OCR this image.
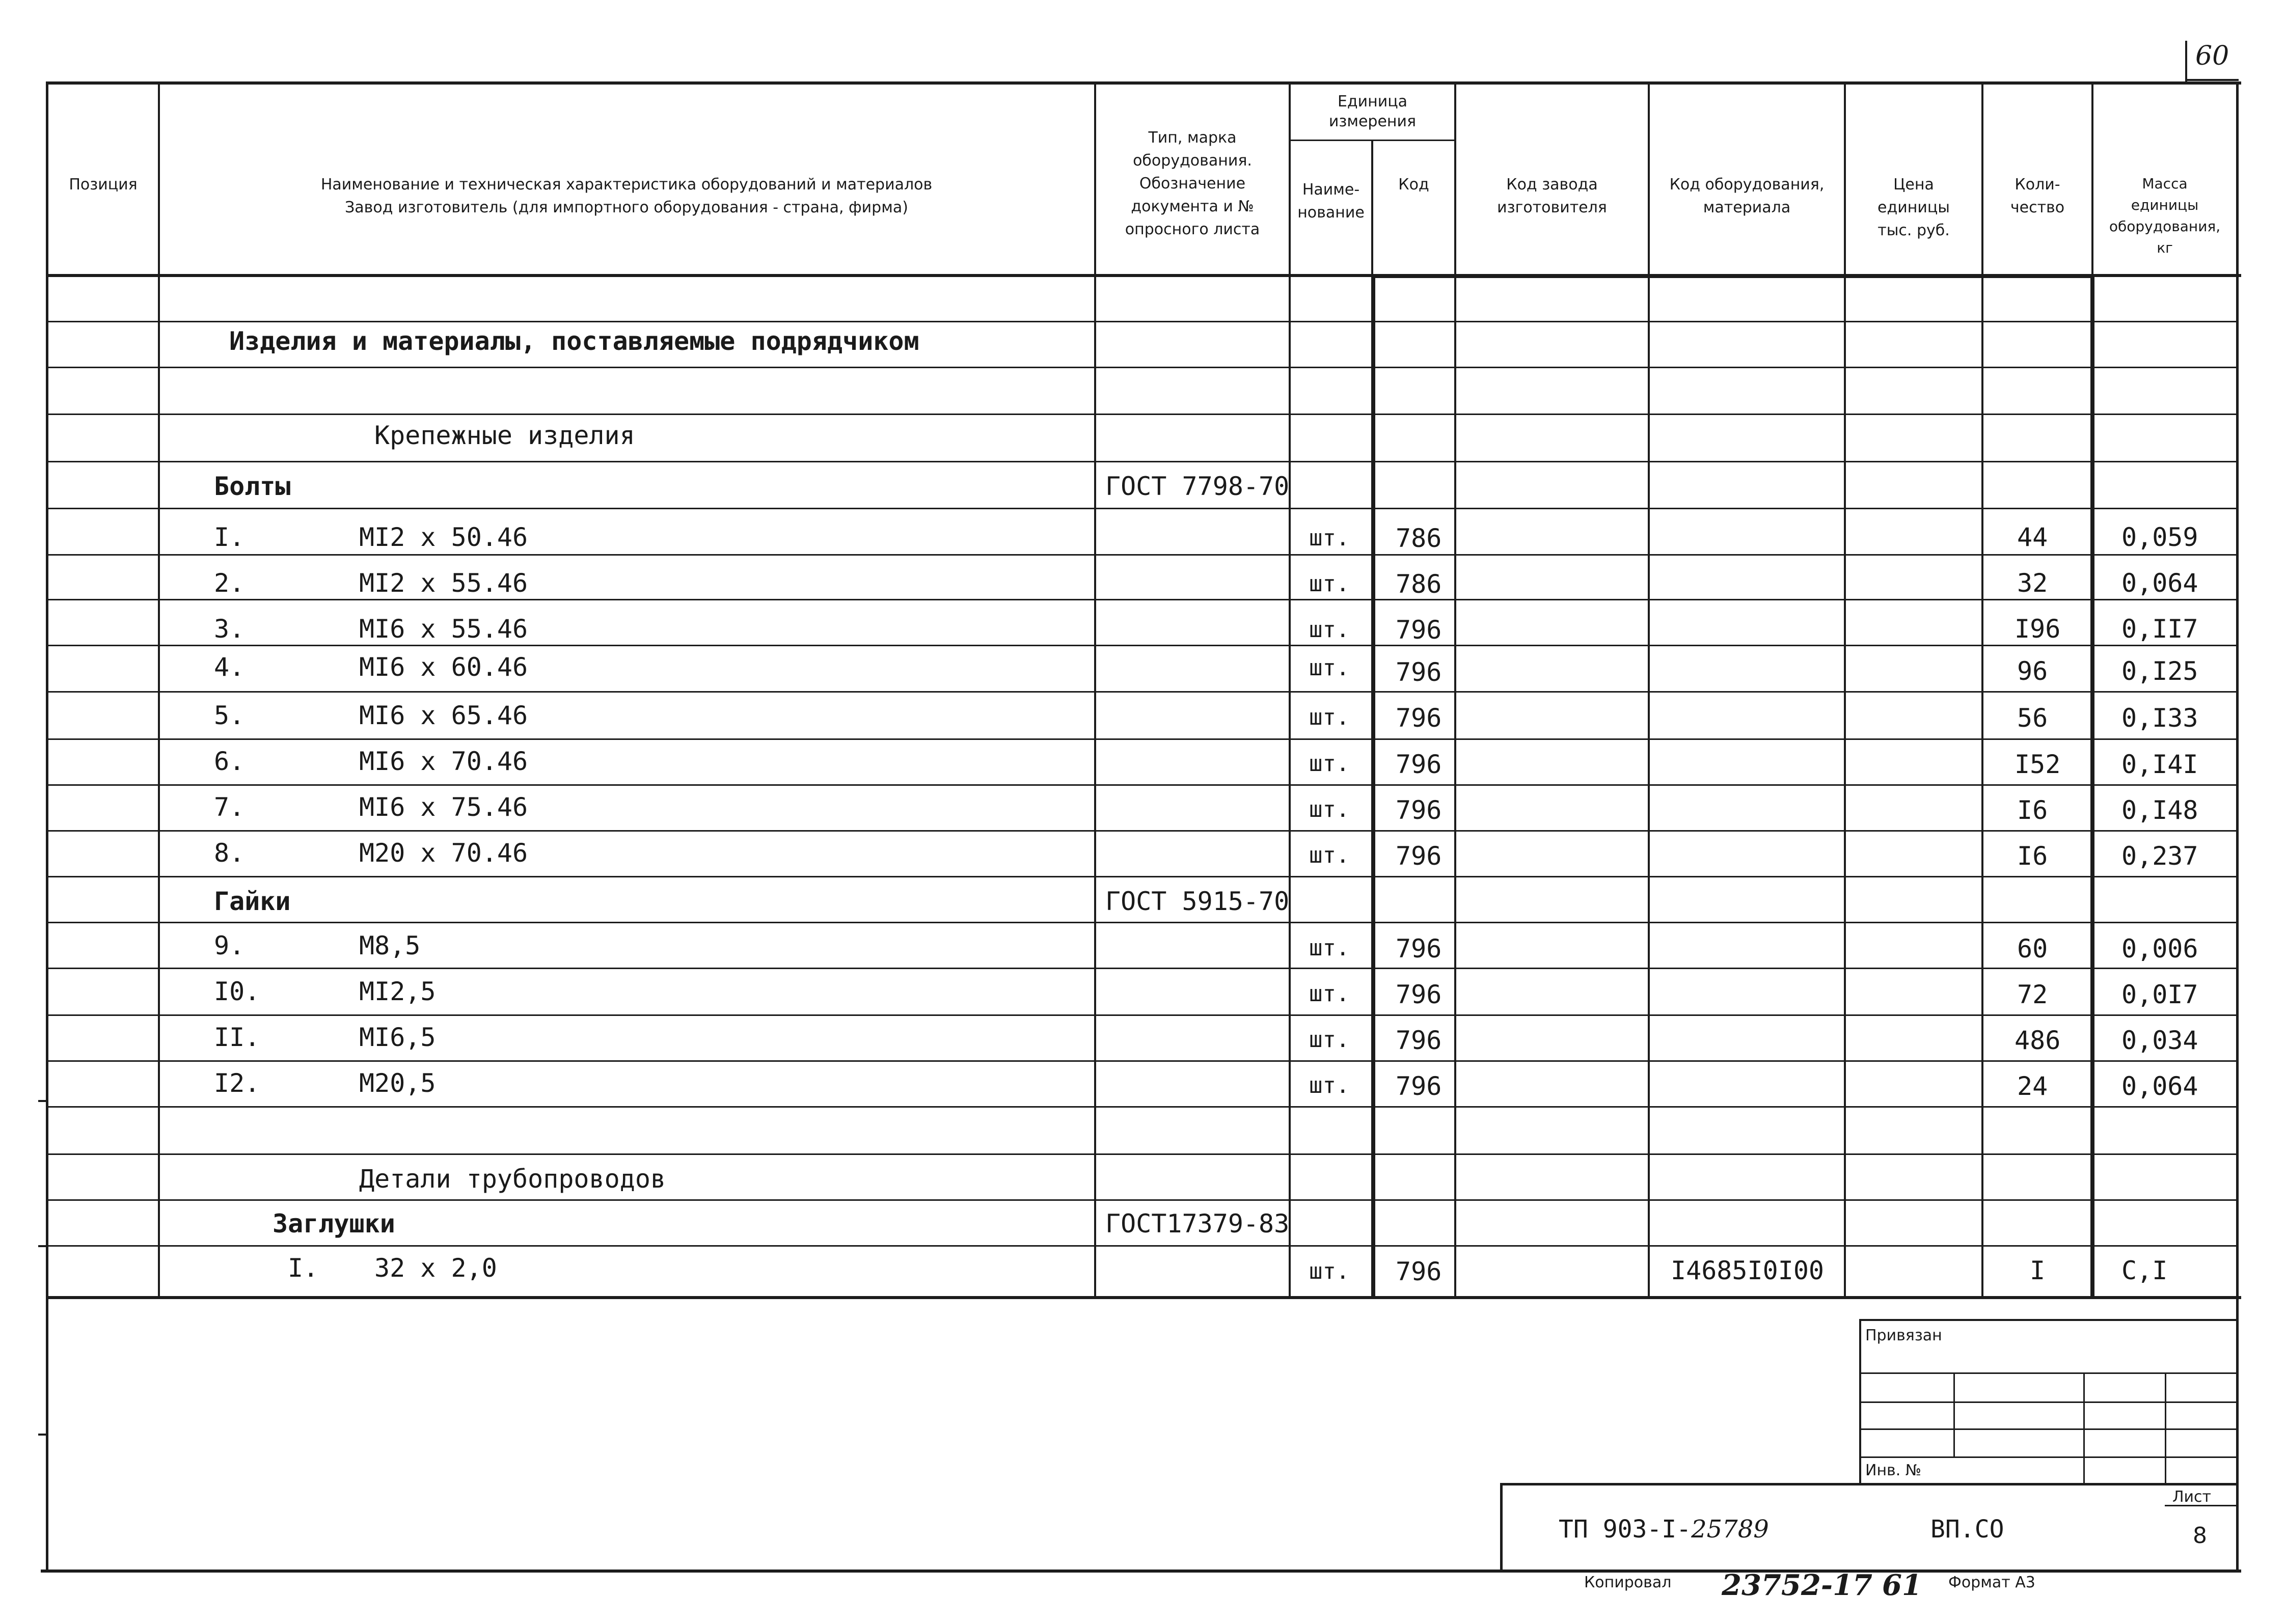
60
Позиция	Наименование и техническая характеристика оборудований и материалов
Завод изготовитель (для импортного оборудования - страна, фирма)
Тип, марка
оборудования.
Обозначение
документа и №
опросного листа
Единица
измерения
Наиме-
нование
Код	Код завода
изготовителя
Код оборудования,
материала
Цена
единицы
тыс. руб.
Коли-
чество
Масса
единицы
оборудования,
кг
Изделия и материалы, поставляемые подрядчиком
Крепежные изделия
Болты	ГОСТ 7798-70
I.	MI2 x 50.46	шт. 786	44	0,059
2.	MI2 x 55.46	шт. 786	32	0,064
3.	MI6 x 55.46	шт. 796	I96 0,II7
4.	MI6 x 60.46	шт. 796	96	0,I25
5.	MI6 x 65.46	шт. 796	56	0,I33
6.	MI6 x 70.46	шт. 796	I52 0,I4I
7.	MI6 x 75.46	шт. 796	I6	0,I48
8.	M20 x 70.46	шт. 796	I6	0,237
Гайки	ГОСТ 5915-70
9.	M8,5	шт. 796	60	0,006
I0.	MI2,5	шт. 796	72	0,0I7
II.	MI6,5	шт. 796	486 0,034
I2.	M20,5	шт. 796	24	0,064
Детали трубопроводов
Заглушки	ГОСТ17379-83
I. 32 x 2,0	шт. 796	I4685I0I00	I	C,I
Привязан
Инв. №
Лист
8
ТП 903-I-25789	ВП.СО
Копировал 23752-17 61 Формат А3
